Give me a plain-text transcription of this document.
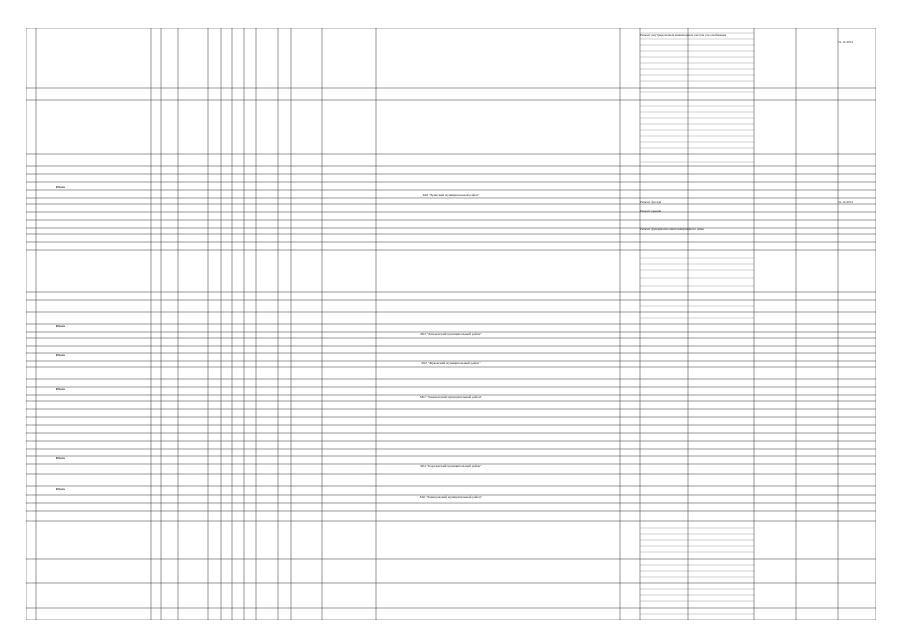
МО "Брянский муниципальный район"
МО "Дятьковский муниципальный район"
МО "Жуковский муниципальный район"
МО "Злынковский муниципальный район"
МО "Карачевский муниципальный район"
МО "Клинцовский муниципальный район"
Итого
Итого
Итого
Итого
Итого
Итого
Ремонт внутридомовых инженерных систем газоснабжения
Ремонт фасада
Ремонт крыши
Ремонт фундамента многоквартирного дома
31.12.2019
31.12.2019
